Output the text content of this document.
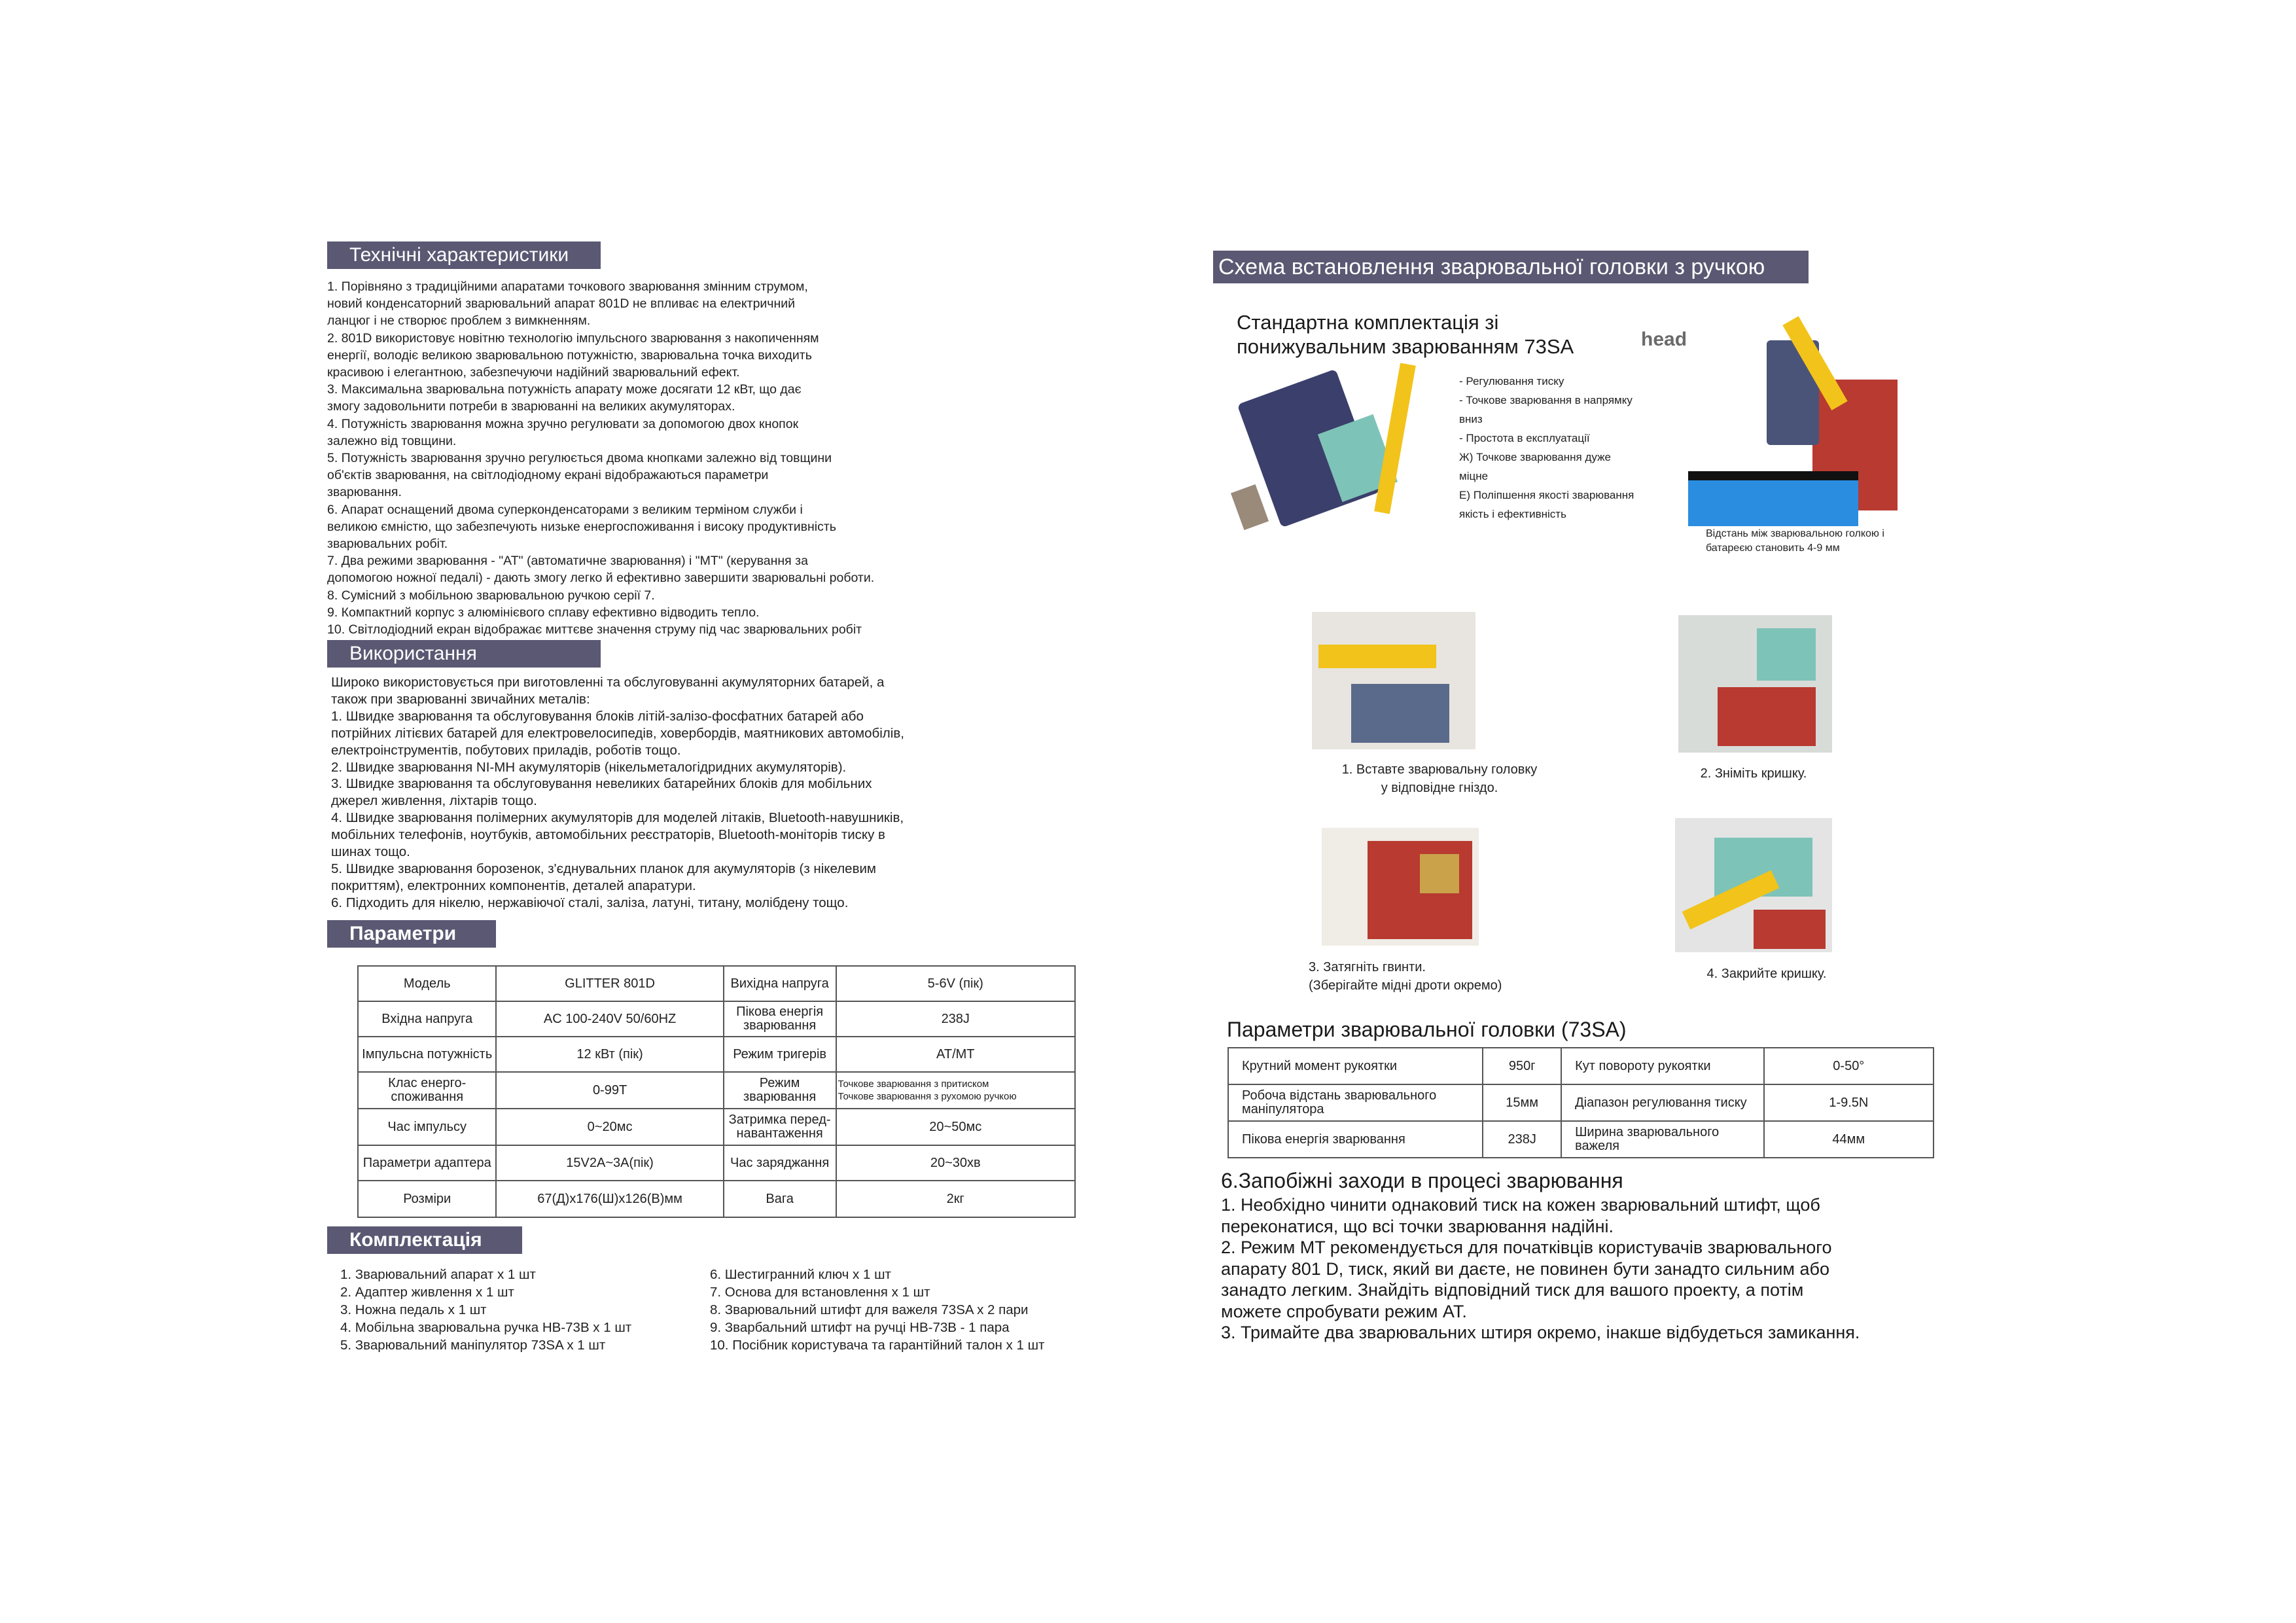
Технічні характеристики
1. Порівняно з традиційними апаратами точкового зварювання змінним струмом,
новий конденсаторний зварювальний апарат 801D не впливає на електричний
ланцюг і не створює проблем з вимкненням.
2. 801D використовує новітню технологію імпульсного зварювання з накопиченням
енергії, володіє великою зварювальною потужністю, зварювальна точка виходить
красивою і елегантною, забезпечуючи надійний зварювальний ефект.
3. Максимальна зварювальна потужність апарату може досягати 12 кВт, що дає
змогу задовольнити потреби в зварюванні на великих акумуляторах.
4. Потужність зварювання можна зручно регулювати за допомогою двох кнопок
залежно від товщини.
5. Потужність зварювання зручно регулюється двома кнопками залежно від товщини
об'єктів зварювання, на світлодіодному екрані відображаються параметри
зварювання.
6. Апарат оснащений двома суперконденсаторами з великим терміном служби і
великою ємністю, що забезпечують низьке енергоспоживання і високу продуктивність
зварювальних робіт.
7. Два режими зварювання - "AT" (автоматичне зварювання) і "MT" (керування за
допомогою ножної педалі) - дають змогу легко й ефективно завершити зварювальні роботи.
8. Сумісний з мобільною зварювальною ручкою серії 7.
9. Компактний корпус з алюмінієвого сплаву ефективно відводить тепло.
10. Світлодіодний екран відображає миттєве значення струму під час зварювальних робіт
Використання
Широко використовується при виготовленні та обслуговуванні акумуляторних батарей, а
також при зварюванні звичайних металів:
1. Швидке зварювання та обслуговування блоків літій-залізо-фосфатних батарей або
потрійних літієвих батарей для електровелосипедів, ховербордів, маятникових автомобілів,
електроінструментів, побутових приладів, роботів тощо.
2. Швидке зварювання NI-MH акумуляторів (нікельметалогідридних акумуляторів).
3. Швидке зварювання та обслуговування невеликих батарейних блоків для мобільних
джерел живлення, ліхтарів тощо.
4. Швидке зварювання полімерних акумуляторів для моделей літаків, Bluetooth-навушників,
мобільних телефонів, ноутбуків, автомобільних реєстраторів, Bluetooth-моніторів тиску в
шинах тощо.
5. Швидке зварювання борозенок, з'єднувальних планок для акумуляторів (з нікелевим
покриттям), електронних компонентів, деталей апаратури.
6. Підходить для нікелю, нержавіючої сталі, заліза, латуні, титану, молібдену тощо.
Параметри
Модель	GLITTER 801D	Вихідна напруга	5-6V (пік)
Вхідна напруга	AC 100-240V 50/60HZ	Пікова енергія зварювання	238J
Імпульсна потужність	12 кВт (пік)	Режим тригерів	AT/MT
Клас енерго-споживання	0-99T	Режим зварювання	Точкове зварювання з притиском
Точкове зварювання з рухомою ручкою

Час імпульсу	0~20мс	Затримка перед-навантаження	20~50мс
Параметри адаптера	15V2A~3A(пік)	Час заряджання	20~30хв
Розміри	67(Д)x176(Ш)x126(В)мм	Вага	2кг
Комплектація
1. Зварювальний апарат х 1 шт
2. Адаптер живлення х 1 шт
3. Ножна педаль х 1 шт
4. Мобільна зварювальна ручка HB-73B х 1 шт
5. Зварювальний маніпулятор 73SA х 1 шт
6. Шестигранний ключ х 1 шт
7. Основа для встановлення х 1 шт
8. Зварювальний штифт для важеля 73SA х 2 пари
9. Зварбальний штифт на ручці HB-73B - 1 пара
10. Посібник користувача та гарантійний талон х 1 шт
Схема встановлення зварювальної головки з ручкою
Стандартна комплектація зі
понижувальним зварюванням 73SA	head
- Регулювання тиску
- Точкове зварювання в напрямку
вниз
- Простота в експлуатації
Ж) Точкове зварювання дуже
міцне
Е) Поліпшення якості зварювання
якість і ефективність
Відстань між зварювальною голкою і
батареєю становить 4-9 мм
1. Вставте зварювальну головку
у відповідне гніздо.
2. Зніміть кришку.
3. Затягніть гвинти.
(Зберігайте мідні дроти окремо)
4. Закрийте кришку.
Параметри зварювальної головки (73SA)
Крутний момент рукоятки	950г	Кут повороту рукоятки	0-50°
Робоча відстань зварювального маніпулятора	15мм	Діапазон регулювання тиску	1-9.5N
Пікова енергія зварювання	238J	Ширина зварювального важеля	44мм
6.Запобіжні заходи в процесі зварювання
1. Необхідно чинити однаковий тиск на кожен зварювальний штифт, щоб
переконатися, що всі точки зварювання надійні.
2. Режим MT рекомендується для початківців користувачів зварювального
апарату 801 D, тиск, який ви даєте, не повинен бути занадто сильним або
занадто легким. Знайдіть відповідний тиск для вашого проекту, а потім
можете спробувати режим AT.
3. Тримайте два зварювальних штиря окремо, інакше відбудеться замикання.
